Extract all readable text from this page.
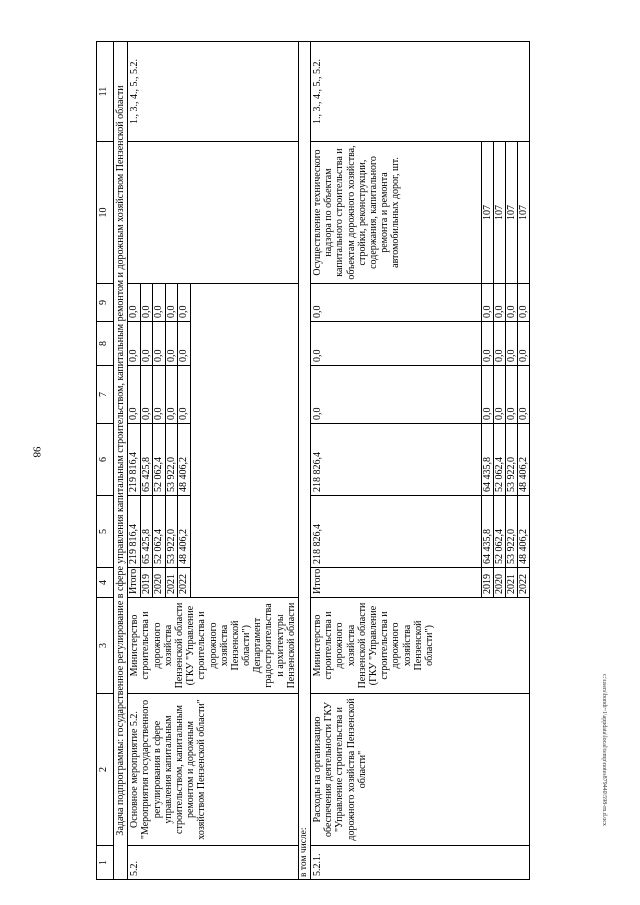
98
1	2	3	4	5	6	7	8	9	10	11
Задача подпрограммы: государственное регулирование в сфере управления капитальным строительством, капитальным ремонтом и дорожным хозяйством Пензенской области										
5.2.	Основное мероприятие 5.2. "Мероприятия государственного регулирования в сфере управления капитальным строительством, капитальным ремонтом и дорожным хозяйством Пензенской области"	Министерство строительства и дорожного хозяйства Пензенской области (ГКУ "Управление строительства и дорожного хозяйства Пензенской области") Департамент градостроительства и архитектуры Пензенской области	Итого	219 816,4	219 816,4	0,0	0,0	0,0		1., 3., 4., 5., 5.2.
			2019	65 425,8	65 425,8	0,0	0,0	0,0		
			2020	52 062,4	52 062,4	0,0	0,0	0,0		
			2021	53 922,0	53 922,0	0,0	0,0	0,0		
			2022	48 406,2	48 406,2	0,0	0,0	0,0		

в том числе:										
5.2.1.	Расходы на организацию обеспечения деятельности ГКУ "Управление строительства и дорожного хозяйства Пензенской области"	Министерство строительства и дорожного хозяйства Пензенской области (ГКУ "Управление строительства и дорожного хозяйства Пензенской области")	Итого	218 826,4	218 826,4	0,0	0,0	0,0	Осуществление технического надзора по объектам капитального строительства и объектам дорожного хозяйства, стройки, реконструкции, содержания, капитального ремонта и ремонта автомобильных дорог, шт.	1., 3., 4., 5., 5.2.
			2019	64 435,8	64 435,8	0,0	0,0	0,0	107	
			2020	52 062,4	52 062,4	0,0	0,0	0,0	107	
			2021	53 922,0	53 922,0	0,0	0,0	0,0	107	
			2022	48 406,2	48 406,2	0,0	0,0	0,0	107	
c:\users\bondi~1\appdata\local\temp\notes879440\598-rn.d.ocx
